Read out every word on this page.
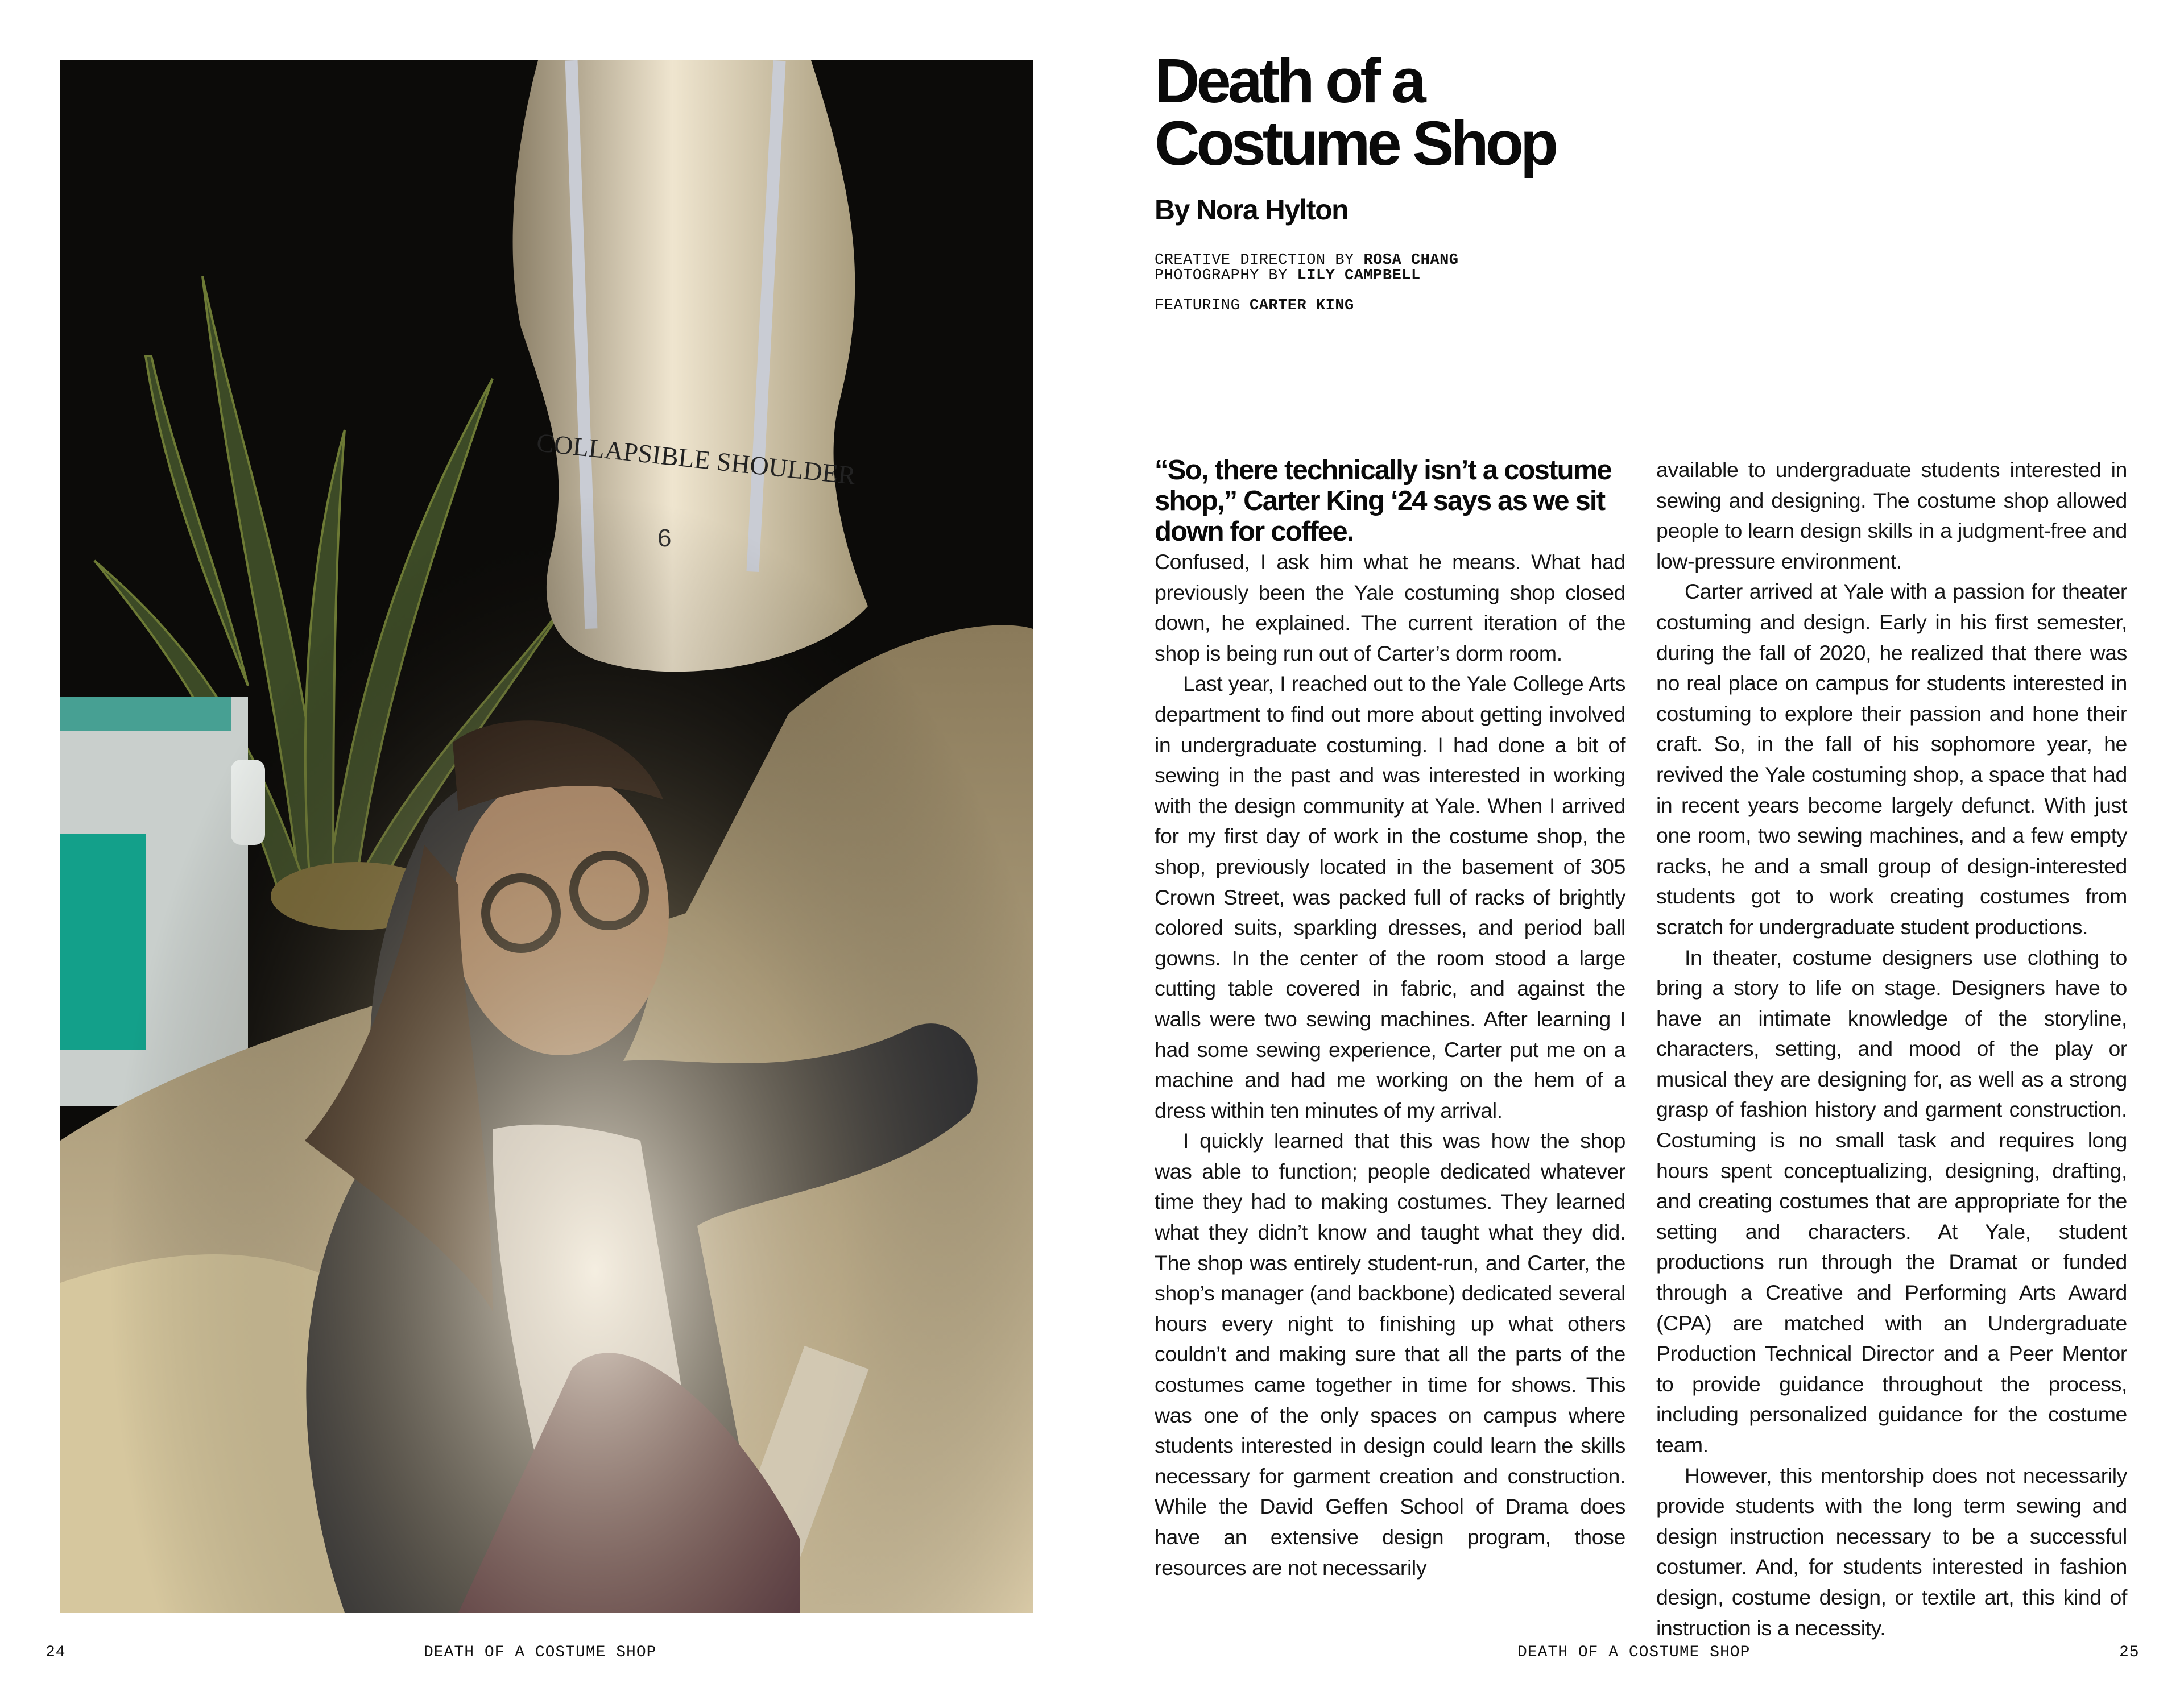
Death of a
Costume Shop
By Nora Hylton
CREATIVE DIRECTION BY ROSA CHANG
PHOTOGRAPHY BY LILY CAMPBELL
FEATURING CARTER KING

“So, there technically isn’t a costume shop,” Carter King ‘24 says as we sit down for coffee.

Confused, I ask him what he means. What had previously been the Yale costuming shop closed down, he explained. The current iteration of the shop is being run out of Carter’s dorm room.

Last year, I reached out to the Yale College Arts department to find out more about getting involved in undergraduate costuming. I had done a bit of sewing in the past and was interested in working with the design community at Yale. When I arrived for my first day of work in the costume shop, the shop, previously located in the basement of 305 Crown Street, was packed full of racks of brightly colored suits, sparkling dresses, and period ball gowns. In the center of the room stood a large cutting table covered in fabric, and against the walls were two sewing machines. After learning I had some sewing experience, Carter put me on a machine and had me working on the hem of a dress within ten minutes of my arrival.

I quickly learned that this was how the shop was able to function; people dedicated whatever time they had to making costumes. They learned what they didn’t know and taught what they did. The shop was entirely student-run, and Carter, the shop’s manager (and backbone) dedicated several hours every night to finishing up what others couldn’t and making sure that all the parts of the costumes came together in time for shows. This was one of the only spaces on campus where students interested in design could learn the skills necessary for garment creation and construction. While the David Geffen School of Drama does have an extensive design program, those resources are not necessarily

available to undergraduate students interested in sewing and designing. The costume shop allowed people to learn design skills in a judgment-free and low-pressure environment.

Carter arrived at Yale with a passion for theater costuming and design. Early in his first semester, during the fall of 2020, he realized that there was no real place on campus for students interested in costuming to explore their passion and hone their craft. So, in the fall of his sophomore year, he revived the Yale costuming shop, a space that had in recent years become largely defunct. With just one room, two sewing machines, and a few empty racks, he and a small group of design-interested students got to work creating costumes from scratch for undergraduate student productions.

In theater, costume designers use clothing to bring a story to life on stage. Designers have to have an intimate knowledge of the storyline, characters, setting, and mood of the play or musical they are designing for, as well as a strong grasp of fashion history and garment construction. Costuming is no small task and requires long hours spent conceptualizing, designing, drafting, and creating costumes that are appropriate for the setting and characters. At Yale, student productions run through the Dramat or funded through a Creative and Performing Arts Award (CPA) are matched with an Undergraduate Production Technical Director and a Peer Mentor to provide guidance throughout the process, including personalized guidance for the costume team.

However, this mentorship does not necessarily provide students with the long term sewing and design instruction necessary to be a successful costumer. And, for students interested in fashion design, costume design, or textile art, this kind of instruction is a necessity.

24	DEATH OF A COSTUME SHOP	DEATH OF A COSTUME SHOP	25
